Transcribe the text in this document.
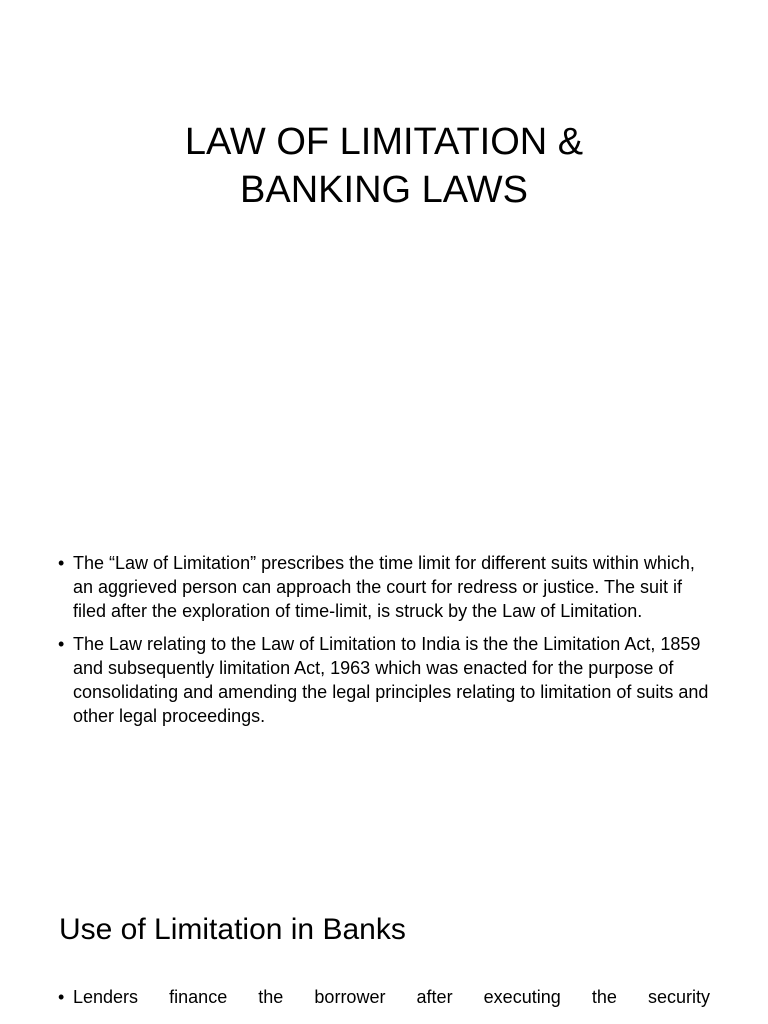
LAW OF LIMITATION &
BANKING LAWS
• The “Law of Limitation” prescribes the time limit for different suits within which, an aggrieved person can approach the court for redress or justice. The suit if filed after the exploration of time-limit, is struck by the Law of Limitation.
• The Law relating to the Law of Limitation to India is the the Limitation Act, 1859 and subsequently limitation Act, 1963 which was enacted for the purpose of consolidating and amending the legal principles relating to limitation of suits and other legal proceedings.
Use of Limitation in Banks
• Lenders finance the borrower after executing the security
